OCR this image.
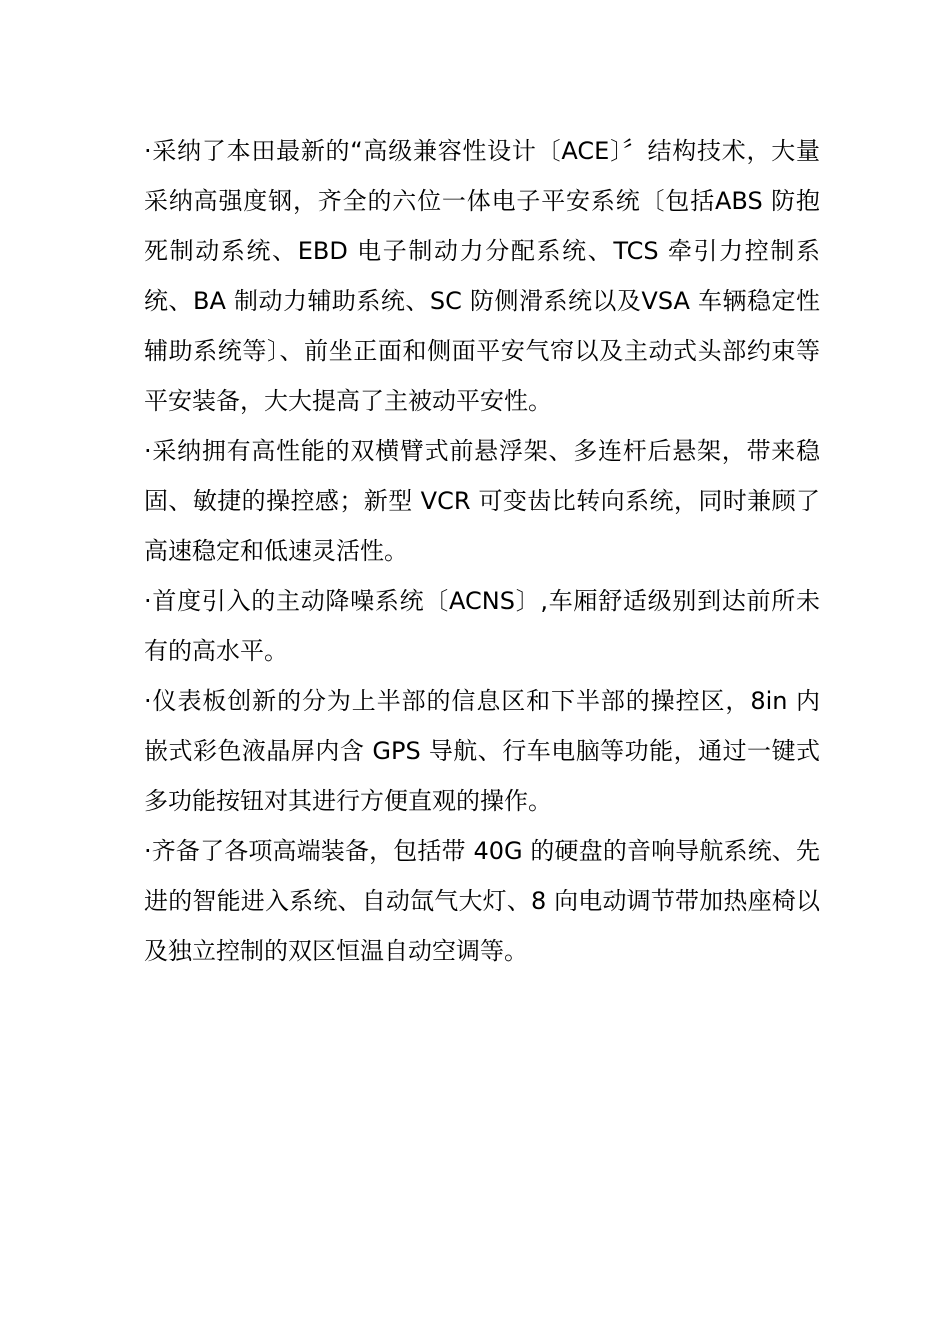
·采纳了本田最新的“高级兼容性设计〔ACE〕〞结构技术，大量采纳高强度钢，齐全的六位一体电子平安系统〔包括ABS 防抱死制动系统、EBD 电子制动力分配系统、TCS 牵引力控制系统、BA 制动力辅助系统、SC 防侧滑系统以及VSA 车辆稳定性辅助系统等〕、前坐正面和侧面平安气帘以及主动式头部约束等平安装备，大大提高了主被动平安性。

·采纳拥有高性能的双横臂式前悬浮架、多连杆后悬架，带来稳固、敏捷的操控感；新型 VCR 可变齿比转向系统，同时兼顾了高速稳定和低速灵活性。

·首度引入的主动降噪系统〔ACNS〕,车厢舒适级别到达前所未有的高水平。

·仪表板创新的分为上半部的信息区和下半部的操控区，8in 内嵌式彩色液晶屏内含 GPS 导航、行车电脑等功能，通过一键式多功能按钮对其进行方便直观的操作。

·齐备了各项高端装备，包括带 40G 的硬盘的音响导航系统、先进的智能进入系统、自动氙气大灯、8 向电动调节带加热座椅以及独立控制的双区恒温自动空调等。
